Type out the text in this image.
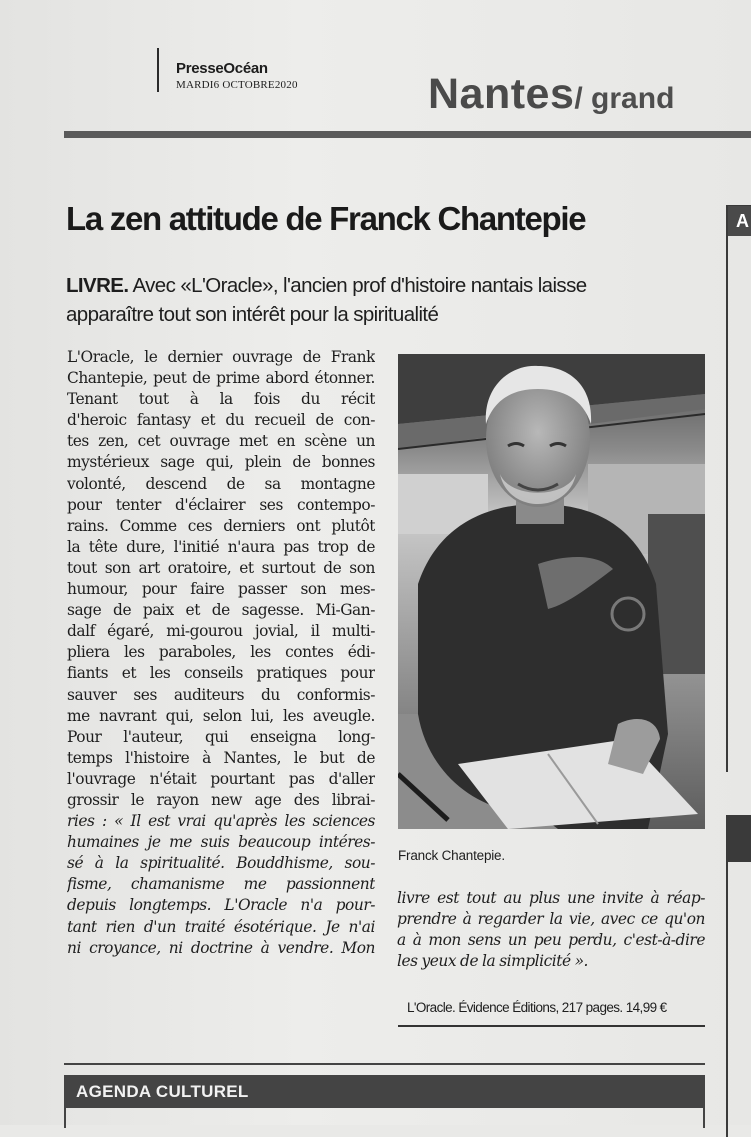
PresseOcéan
MARDI6 OCTOBRE2020	Nantes/ grand
A
La zen attitude de Franck Chantepie
LIVRE. Avec «L'Oracle», l'ancien prof d'histoire nantais laisse apparaître tout son intérêt pour la spiritualité
L'Oracle, le dernier ouvrage de Frank
Chantepie, peut de prime abord étonner.
Tenant tout à la fois du récit
d'heroic fantasy et du recueil de con-
tes zen, cet ouvrage met en scène un
mystérieux sage qui, plein de bonnes
volonté, descend de sa montagne
pour tenter d'éclairer ses contempo-
rains. Comme ces derniers ont plutôt
la tête dure, l'initié n'aura pas trop de
tout son art oratoire, et surtout de son
humour, pour faire passer son mes-
sage de paix et de sagesse. Mi-Gan-
dalf égaré, mi-gourou jovial, il multi-
pliera les paraboles, les contes édi-
fiants et les conseils pratiques pour
sauver ses auditeurs du conformis-
me navrant qui, selon lui, les aveugle.
Pour l'auteur, qui enseigna long-
temps l'histoire à Nantes, le but de
l'ouvrage n'était pourtant pas d'aller
grossir le rayon new age des librai-
ries : « Il est vrai qu'après les sciences
humaines je me suis beaucoup intéres-
sé à la spiritualité. Bouddhisme, sou-
fisme, chamanisme me passionnent
depuis longtemps. L'Oracle n'a pour-
tant rien d'un traité ésotérique. Je n'ai
ni croyance, ni doctrine à vendre. Mon
Franck Chantepie.
livre est tout au plus une invite à réap-
prendre à regarder la vie, avec ce qu'on
a à mon sens un peu perdu, c'est-à-dire
les yeux de la simplicité ».
L'Oracle. Évidence Éditions, 217 pages. 14,99 €
AGENDA CULTUREL
